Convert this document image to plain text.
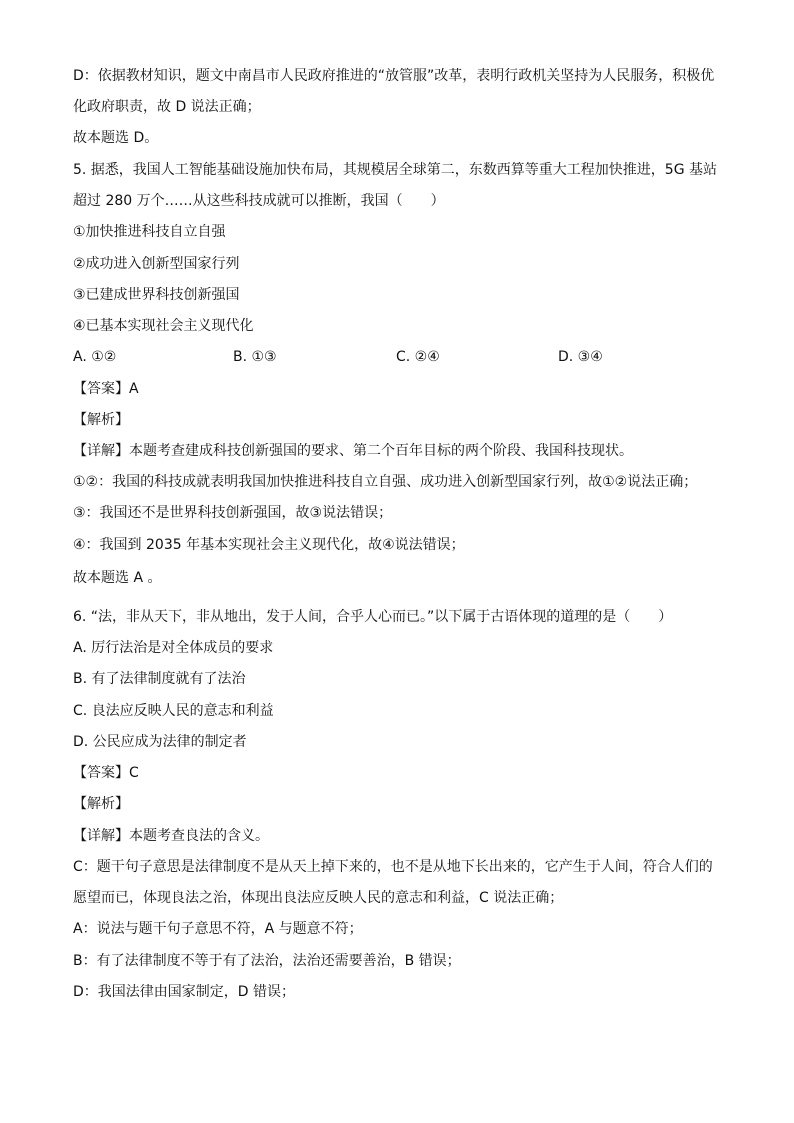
D：依据教材知识，题文中南昌市人民政府推进的“放管服”改革，表明行政机关坚持为人民服务，积极优
化政府职责，故 D 说法正确；
故本题选 D。
5. 据悉，我国人工智能基础设施加快布局，其规模居全球第二，东数西算等重大工程加快推进，5G 基站
超过 280 万个……从这些科技成就可以推断，我国（　　）
①加快推进科技自立自强
②成功进入创新型国家行列
③已建成世界科技创新强国
④已基本实现社会主义现代化
A. ①②	B. ①③	C. ②④	D. ③④
【答案】A
【解析】
【详解】本题考查建成科技创新强国的要求、第二个百年目标的两个阶段、我国科技现状。
①②：我国的科技成就表明我国加快推进科技自立自强、成功进入创新型国家行列，故①②说法正确；
③：我国还不是世界科技创新强国，故③说法错误；
④：我国到 2035 年基本实现社会主义现代化，故④说法错误；
故本题选 A 。
6. “法，非从天下，非从地出，发于人间，合乎人心而已。”以下属于古语体现的道理的是（　　）
A. 厉行法治是对全体成员的要求
B. 有了法律制度就有了法治
C. 良法应反映人民的意志和利益
D. 公民应成为法律的制定者
【答案】C
【解析】
【详解】本题考查良法的含义。
C：题干句子意思是法律制度不是从天上掉下来的，也不是从地下长出来的，它产生于人间，符合人们的
愿望而已，体现良法之治，体现出良法应反映人民的意志和利益，C 说法正确；
A：说法与题干句子意思不符，A 与题意不符；
B：有了法律制度不等于有了法治，法治还需要善治，B 错误；
D：我国法律由国家制定，D 错误；
